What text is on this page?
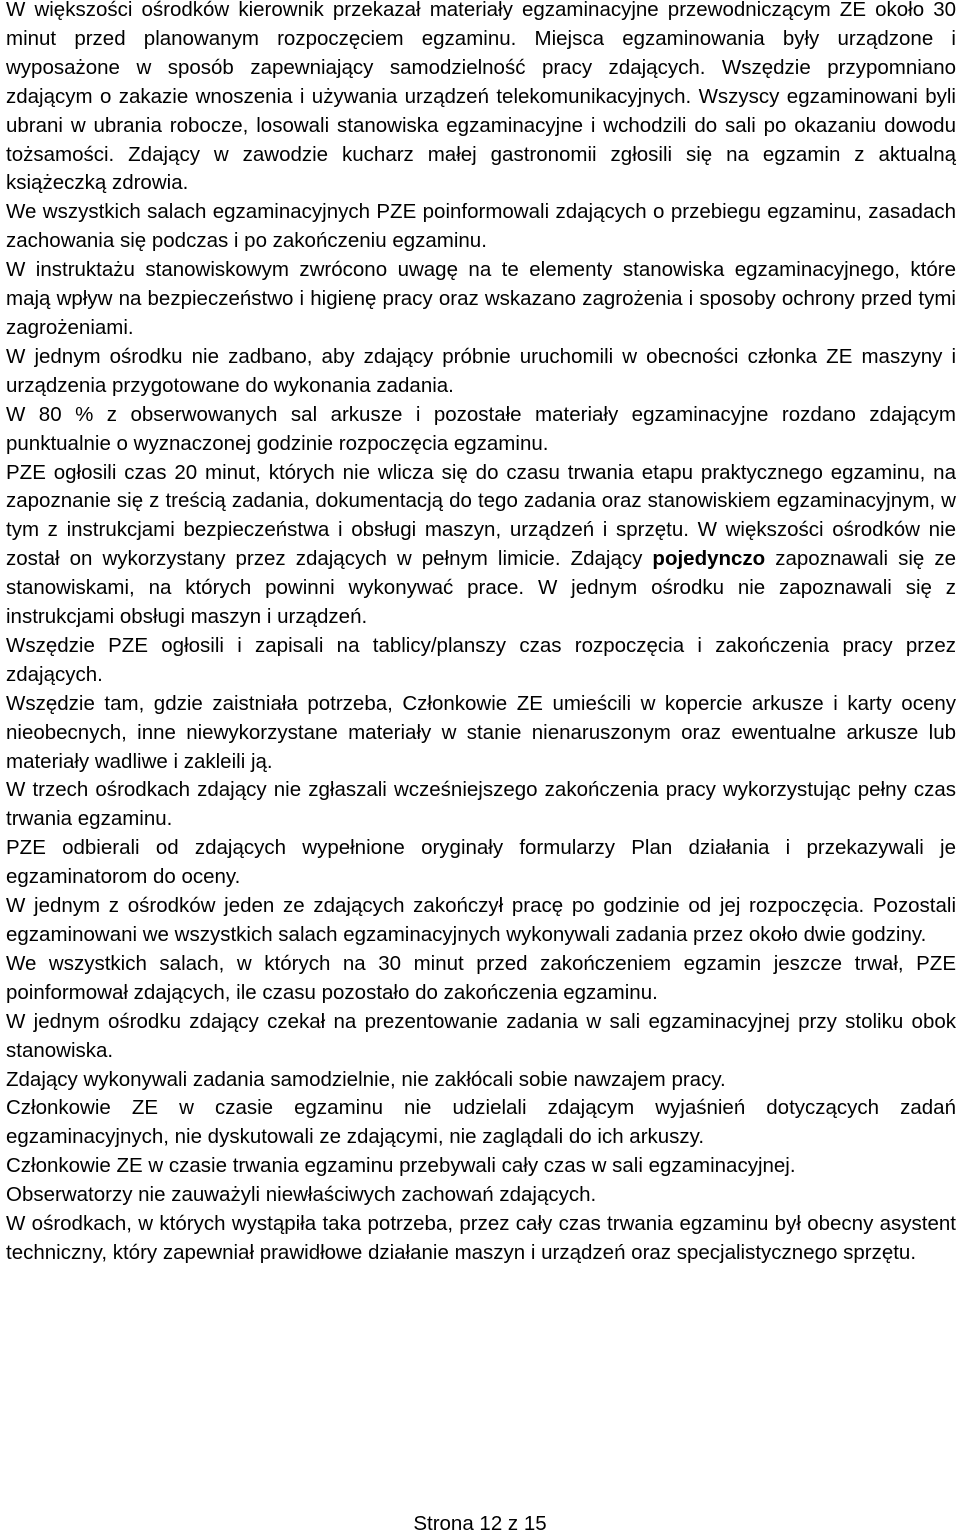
W większości ośrodków kierownik przekazał materiały egzaminacyjne przewodniczącym ZE około 30 minut przed planowanym rozpoczęciem egzaminu. Miejsca egzaminowania były urządzone i wyposażone w sposób zapewniający samodzielność pracy zdających. Wszędzie przypomniano zdającym o zakazie wnoszenia i używania urządzeń telekomunikacyjnych. Wszyscy egzaminowani byli ubrani w ubrania robocze, losowali stanowiska egzaminacyjne i wchodzili do sali po okazaniu dowodu tożsamości. Zdający w zawodzie kucharz małej gastronomii zgłosili się na egzamin z aktualną książeczką zdrowia.

We wszystkich salach egzaminacyjnych PZE poinformowali zdających o przebiegu egzaminu, zasadach zachowania się podczas i po zakończeniu egzaminu.

W instruktażu stanowiskowym zwrócono uwagę na te elementy stanowiska egzaminacyjnego, które mają wpływ na bezpieczeństwo i higienę pracy oraz wskazano zagrożenia i sposoby ochrony przed tymi zagrożeniami.

W jednym ośrodku nie zadbano, aby zdający próbnie uruchomili w obecności członka ZE maszyny i urządzenia przygotowane do wykonania zadania.

W 80 % z obserwowanych sal arkusze i pozostałe materiały egzaminacyjne rozdano zdającym punktualnie o wyznaczonej godzinie rozpoczęcia egzaminu.

PZE ogłosili czas 20 minut, których nie wlicza się do czasu trwania etapu praktycznego egzaminu, na zapoznanie się z treścią zadania, dokumentacją do tego zadania oraz stanowiskiem egzaminacyjnym, w tym z instrukcjami bezpieczeństwa i obsługi maszyn, urządzeń i sprzętu. W większości ośrodków nie został on wykorzystany przez zdających w pełnym limicie. Zdający pojedynczo zapoznawali się ze stanowiskami, na których powinni wykonywać prace. W jednym ośrodku nie zapoznawali się z instrukcjami obsługi maszyn i urządzeń.

Wszędzie PZE ogłosili i zapisali na tablicy/planszy czas rozpoczęcia i zakończenia pracy przez zdających.

Wszędzie tam, gdzie zaistniała potrzeba, Członkowie ZE umieścili w kopercie arkusze i karty oceny nieobecnych, inne niewykorzystane materiały w stanie nienaruszonym oraz ewentualne arkusze lub materiały wadliwe i zakleili ją.

W trzech ośrodkach zdający nie zgłaszali wcześniejszego zakończenia pracy wykorzystując pełny czas trwania egzaminu.

PZE odbierali od zdających wypełnione oryginały formularzy Plan działania i przekazywali je egzaminatorom do oceny.

W jednym z ośrodków jeden ze zdających zakończył pracę po godzinie od jej rozpoczęcia. Pozostali egzaminowani we wszystkich salach egzaminacyjnych wykonywali zadania przez około dwie godziny.

We wszystkich salach, w których na 30 minut przed zakończeniem egzamin jeszcze trwał, PZE poinformował zdających, ile czasu pozostało do zakończenia egzaminu.

W jednym ośrodku zdający czekał na prezentowanie zadania w sali egzaminacyjnej przy stoliku obok stanowiska.

Zdający wykonywali zadania samodzielnie, nie zakłócali sobie nawzajem pracy.

Członkowie ZE w czasie egzaminu nie udzielali zdającym wyjaśnień dotyczących zadań egzaminacyjnych, nie dyskutowali ze zdającymi, nie zaglądali do ich arkuszy.

Członkowie ZE w czasie trwania egzaminu przebywali cały czas w sali egzaminacyjnej.

Obserwatorzy nie zauważyli niewłaściwych zachowań zdających.

W ośrodkach, w których wystąpiła taka potrzeba, przez cały czas trwania egzaminu był obecny asystent techniczny, który zapewniał prawidłowe działanie maszyn i urządzeń oraz specjalistycznego sprzętu.

Strona 12 z 15
